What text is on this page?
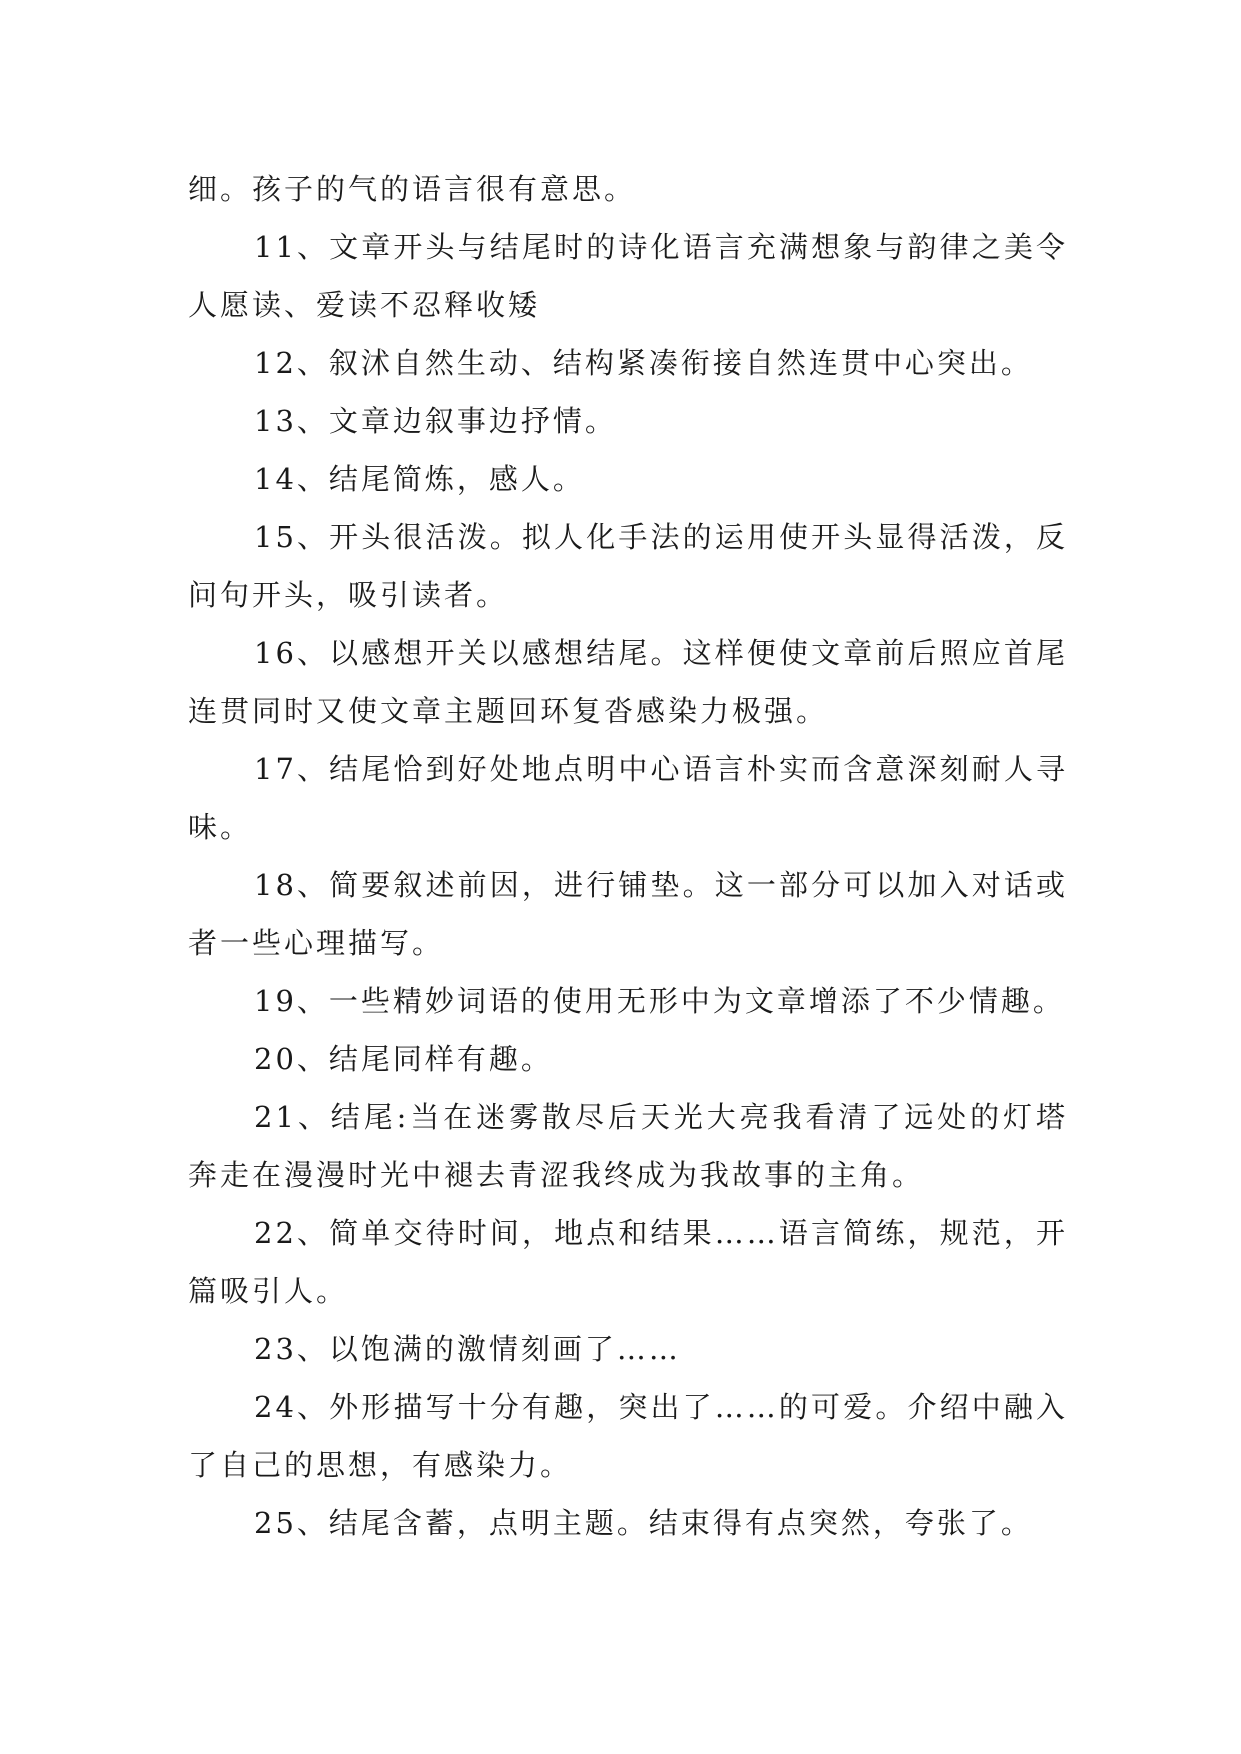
细。孩子的气的语言很有意思。

11、文章开头与结尾时的诗化语言充满想象与韵律之美令人愿读、爱读不忍释收矮

12、叙沭自然生动、结构紧凑衔接自然连贯中心突出。

13、文章边叙事边抒情。

14、结尾简炼，感人。

15、开头很活泼。拟人化手法的运用使开头显得活泼，反问句开头，吸引读者。

16、以感想开关以感想结尾。这样便使文章前后照应首尾连贯同时又使文章主题回环复沓感染力极强。

17、结尾恰到好处地点明中心语言朴实而含意深刻耐人寻味。

18、简要叙述前因，进行铺垫。这一部分可以加入对话或者一些心理描写。

19、一些精妙词语的使用无形中为文章增添了不少情趣。

20、结尾同样有趣。

21、结尾:当在迷雾散尽后天光大亮我看清了远处的灯塔奔走在漫漫时光中褪去青涩我终成为我故事的主角。

22、简单交待时间，地点和结果……语言简练，规范，开篇吸引人。

23、以饱满的激情刻画了……

24、外形描写十分有趣，突出了……的可爱。介绍中融入了自己的思想，有感染力。

25、结尾含蓄，点明主题。结束得有点突然，夸张了。
